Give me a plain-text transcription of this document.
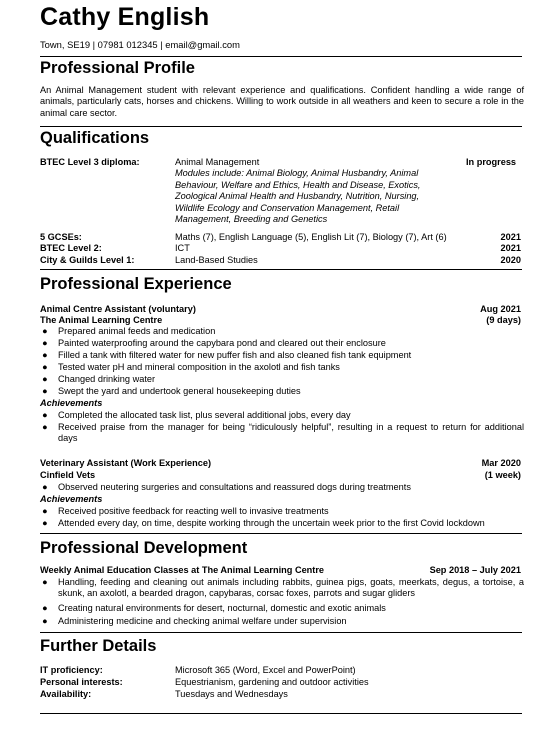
Cathy English
Town, SE19 | 07981 012345 | email@gmail.com
Professional Profile
An Animal Management student with relevant experience and qualifications. Confident handling a wide range of animals, particularly cats, horses and chickens. Willing to work outside in all weathers and keen to secure a role in the animal care sector.
Qualifications
BTEC Level 3 diploma:	Animal Management	In progress
Modules include: Animal Biology, Animal Husbandry, Animal
Behaviour, Welfare and Ethics, Health and Disease, Exotics,
Zoological Animal Health and Husbandry, Nutrition, Nursing,
Wildlife Ecology and Conservation Management, Retail
Management, Breeding and Genetics
5 GCSEs:	Maths (7), English Language (5), English Lit (7), Biology (7), Art (6)	2021
BTEC Level 2:	ICT	2021
City & Guilds Level 1:	Land-Based Studies	2020
Professional Experience
Animal Centre Assistant (voluntary)	Aug 2021
The Animal Learning Centre	(9 days)
● Prepared animal feeds and medication
● Painted waterproofing around the capybara pond and cleared out their enclosure
● Filled a tank with filtered water for new puffer fish and also cleaned fish tank equipment
● Tested water pH and mineral composition in the axolotl and fish tanks
● Changed drinking water
● Swept the yard and undertook general housekeeping duties
Achievements
● Completed the allocated task list, plus several additional jobs, every day
● Received praise from the manager for being “ridiculously helpful”, resulting in a request to return for additional days
Veterinary Assistant (Work Experience)	Mar 2020
Cinfield Vets	(1 week)
● Observed neutering surgeries and consultations and reassured dogs during treatments
Achievements
● Received positive feedback for reacting well to invasive treatments
● Attended every day, on time, despite working through the uncertain week prior to the first Covid lockdown
Professional Development
Weekly Animal Education Classes at The Animal Learning Centre	Sep 2018 – July 2021
● Handling, feeding and cleaning out animals including rabbits, guinea pigs, goats, meerkats, degus, a tortoise, a skunk, an axolotl, a bearded dragon, capybaras, corsac foxes, parrots and sugar gliders
● Creating natural environments for desert, nocturnal, domestic and exotic animals
● Administering medicine and checking animal welfare under supervision
Further Details
IT proficiency:	Microsoft 365 (Word, Excel and PowerPoint)
Personal interests:	Equestrianism, gardening and outdoor activities
Availability:	Tuesdays and Wednesdays
